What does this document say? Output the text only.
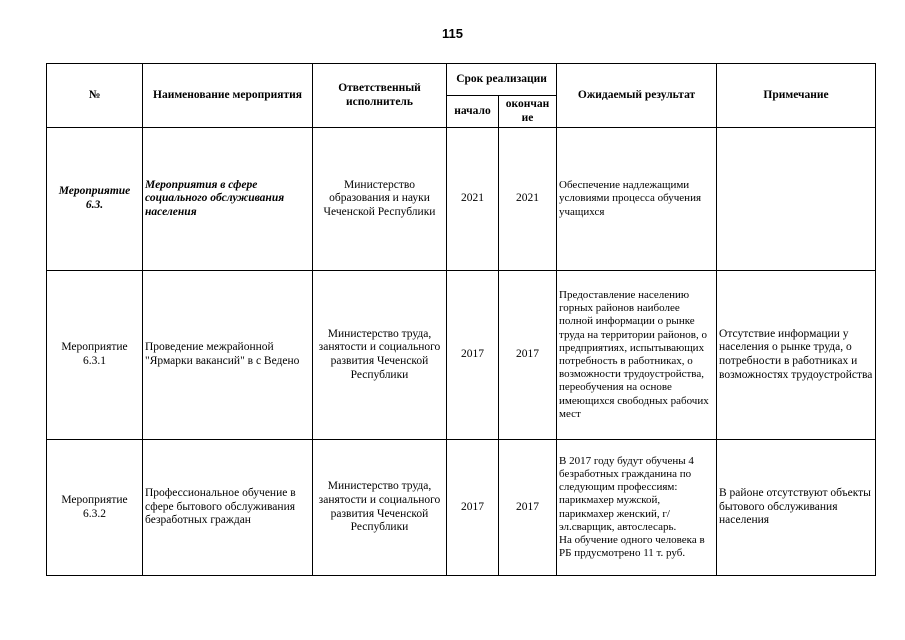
115
№	Наименование мероприятия	Ответственный исполнитель	Срок реализации		Ожидаемый результат	Примечание
			начало	окончание		
Мероприятие 6.3.	Мероприятия в сфере социального обслуживания населения	Министерство образования и науки Чеченской Республики	2021	2021	Обеспечение надлежащими условиями процесса обучения учащихся	
Мероприятие 6.3.1	Проведение межрайонной "Ярмарки вакансий" в с Ведено	Министерство труда, занятости и социального развития Чеченской Республики	2017	2017	Предоставление населению горных районов наиболее полной информации о рынке труда на территории районов, о предприятиях, испытывающих потребность в работниках, о возможности трудоустройства, переобучения на основе имеющихся свободных рабочих мест	Отсутствие информации у населения о рынке труда, о потребности в работниках и возможностях трудоустройства
Мероприятие 6.3.2	Профессиональное обучение в сфере бытового обслуживания безработных граждан	Министерство труда, занятости и социального развития Чеченской Республики	2017	2017	В 2017 году будут обучены 4 безработных гражданина по следующим профессиям: парикмахер мужской, парикмахер женский, г/эл.сварщик, автослесарь.
На обучение одного человека в РБ прдусмотрено 11 т. руб.	В районе отсутствуют объекты бытового обслуживания населения
